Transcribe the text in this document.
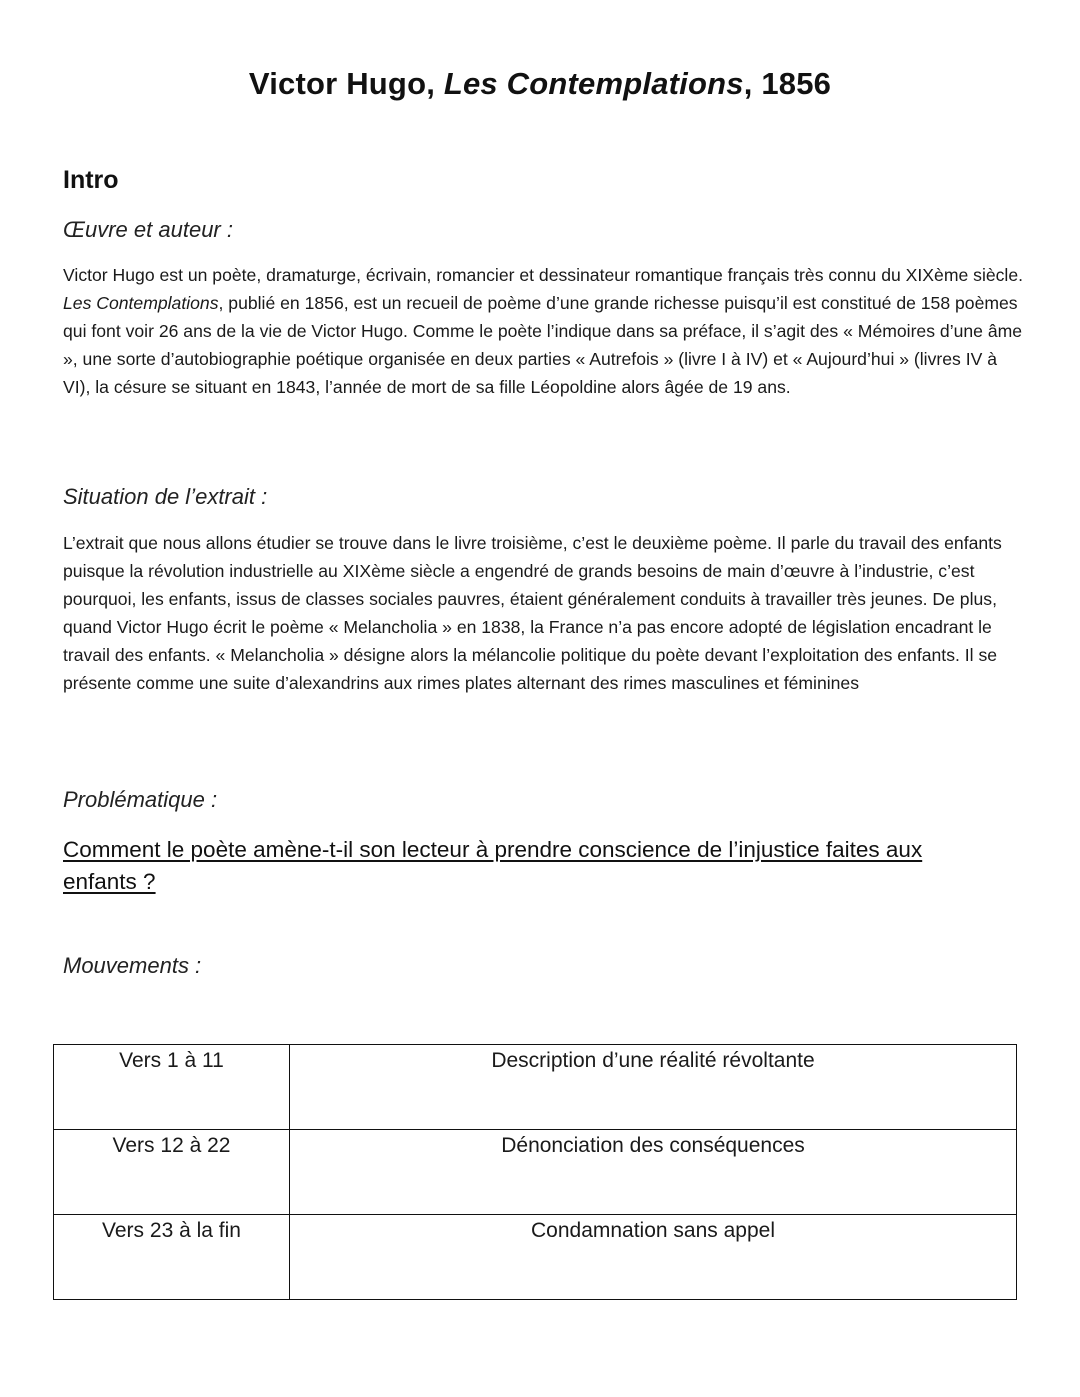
Victor Hugo, Les Contemplations, 1856
Intro
Œuvre et auteur :
Victor Hugo est un poète, dramaturge, écrivain, romancier et dessinateur romantique français très connu du XIXème siècle. Les Contemplations, publié en 1856, est un recueil de poème d’une grande richesse puisqu’il est constitué de 158 poèmes qui font voir 26 ans de la vie de Victor Hugo. Comme le poète l’indique dans sa préface, il s’agit des « Mémoires d’une âme », une sorte d’autobiographie poétique organisée en deux parties « Autrefois » (livre I à IV) et « Aujourd’hui » (livres IV à VI), la césure se situant en 1843, l’année de mort de sa fille Léopoldine alors âgée de 19 ans.
Situation de l’extrait :
L’extrait que nous allons étudier se trouve dans le livre troisième, c’est le deuxième poème. Il parle du travail des enfants puisque la révolution industrielle au XIXème siècle a engendré de grands besoins de main d’œuvre à l’industrie, c’est pourquoi, les enfants, issus de classes sociales pauvres, étaient généralement conduits à travailler très jeunes. De plus, quand Victor Hugo écrit le poème « Melancholia » en 1838, la France n’a pas encore adopté de législation encadrant le travail des enfants. « Melancholia » désigne alors la mélancolie politique du poète devant l’exploitation des enfants. Il se présente comme une suite d’alexandrins aux rimes plates alternant des rimes masculines et féminines
Problématique :
Comment le poète amène-t-il son lecteur à prendre conscience de l’injustice faites aux enfants ?
Mouvements :
Vers 1 à 11	Description d’une réalité révoltante
Vers 12 à 22	Dénonciation des conséquences
Vers 23 à la fin	Condamnation sans appel
